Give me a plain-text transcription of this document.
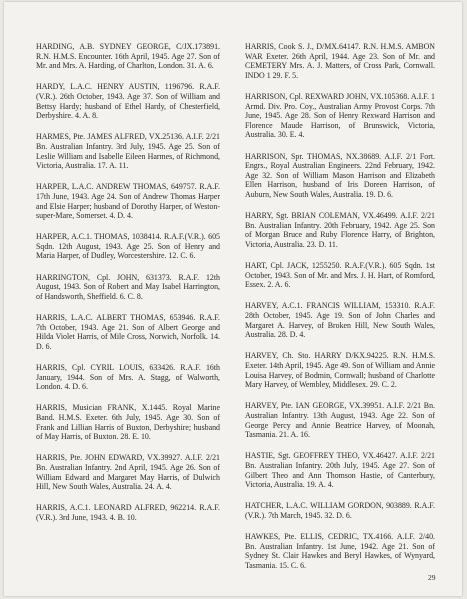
HARDING, A.B. SYDNEY GEORGE, C/JX.173891. R.N. H.M.S. Encounter. 16th April, 1945. Age 27. Son of Mr. and Mrs. A. Harding, of Charlton, London. 31. A. 6.

HARDY, L.A.C. HENRY AUSTIN, 1196796. R.A.F.(V.R.). 26th October, 1943. Age 37. Son of William and Bettsy Hardy; husband of Ethel Hardy, of Chesterfield, Derbyshire. 4. A. 8.

HARMES, Pte. JAMES ALFRED, VX.25136. A.I.F. 2/21 Bn. Australian Infantry. 3rd July, 1945. Age 25. Son of Leslie William and Isabelle Eileen Harmes, of Richmond, Victoria, Australia. 17. A. 11.

HARPER, L.A.C. ANDREW THOMAS, 649757. R.A.F. 17th June, 1943. Age 24. Son of Andrew Thomas Harper and Elsie Harper; husband of Dorothy Harper, of Weston-super-Mare, Somerset. 4. D. 4.

HARPER, A.C.1. THOMAS, 1038414. R.A.F.(V.R.). 605 Sqdn. 12th August, 1943. Age 25. Son of Henry and Maria Harper, of Dudley, Worcestershire. 12. C. 6.

HARRINGTON, Cpl. JOHN, 631373. R.A.F. 12th August, 1943. Son of Robert and May Isabel Harrington, of Handsworth, Sheffield. 6. C. 8.

HARRIS, L.A.C. ALBERT THOMAS, 653946. R.A.F. 7th October, 1943. Age 21. Son of Albert George and Hilda Violet Harris, of Mile Cross, Norwich, Norfolk. 14. D. 6.

HARRIS, Cpl. CYRIL LOUIS, 633426. R.A.F. 16th January, 1944. Son of Mrs. A. Stagg, of Walworth, London. 4. D. 6.

HARRIS, Musician FRANK, X.1445. Royal Marine Band. H.M.S. Exeter. 6th July, 1945. Age 30. Son of Frank and Lillian Harris of Buxton, Derbyshire; husband of May Harris, of Buxton. 28. E. 10.

HARRIS, Pte. JOHN EDWARD, VX.39927. A.I.F. 2/21 Bn. Australian Infantry. 2nd April, 1945. Age 26. Son of William Edward and Margaret May Harris, of Dulwich Hill, New South Wales, Australia. 24. A. 4.

HARRIS, A.C.1. LEONARD ALFRED, 962214. R.A.F.(V.R.). 3rd June, 1943. 4. B. 10.

HARRIS, Cook S. J., D/MX.64147. R.N. H.M.S. AMBON WAR Exeter. 26th April, 1944. Age 23. Son of Mr. and CEMETERY Mrs. A. J. Matters, of Cross Park, Cornwall. INDO 1 29. F. 5.

HARRISON, Cpl. REXWARD JOHN, VX.105368. A.I.F. 1 Armd. Div. Pro. Coy., Australian Army Provost Corps. 7th June, 1945. Age 28. Son of Henry Rexward Harrison and Florence Maude Harrison, of Brunswick, Victoria, Australia. 30. E. 4.

HARRISON, Spr. THOMAS, NX.38689. A.I.F. 2/1 Fort. Engrs., Royal Australian Engineers. 22nd February, 1942. Age 32. Son of William Mason Harrison and Elizabeth Ellen Harrison, husband of Iris Doreen Harrison, of Auburn, New South Wales, Australia. 19. D. 6.

HARRY, Sgt. BRIAN COLEMAN, VX.46499. A.I.F. 2/21 Bn. Australian Infantry. 20th February, 1942. Age 25. Son of Morgan Bruce and Ruby Florence Harry, of Brighton, Victoria, Australia. 23. D. 11.

HART, Cpl. JACK, 1255250. R.A.F.(V.R.). 605 Sqdn. 1st October, 1943. Son of Mr. and Mrs. J. H. Hart, of Romford, Essex. 2. A. 6.

HARVEY, A.C.1. FRANCIS WILLIAM, 153310. R.A.F. 28th October, 1945. Age 19. Son of John Charles and Margaret A. Harvey, of Broken Hill, New South Wales, Australia. 28. D. 4.

HARVEY, Ch. Sto. HARRY D/KX.94225. R.N. H.M.S. Exeter. 14th April, 1945. Age 49. Son of William and Annie Louisa Harvey, of Bodmin, Cornwall; husband of Charlotte Mary Harvey, of Wembley, Middlesex. 29. C. 2.

HARVEY, Pte. IAN GEORGE, VX.39951. A.I.F. 2/21 Bn. Australian Infantry. 13th August, 1943. Age 22. Son of George Percy and Annie Beatrice Harvey, of Moonah, Tasmania. 21. A. 16.

HASTIE, Sgt. GEOFFREY THEO, VX.46427. A.I.F. 2/21 Bn. Australian Infantry. 20th July, 1945. Age 27. Son of Gilbert Theo and Ann Thomson Hastie, of Canterbury, Victoria, Australia. 19. A. 4.

HATCHER, L.A.C. WILLIAM GORDON, 903889. R.A.F.(V.R.). 7th March, 1945. 32. D. 6.

HAWKES, Pte. ELLIS, CEDRIC, TX.4166. A.I.F. 2/40. Bn. Australian Infantry. 1st June, 1942. Age 21. Son of Sydney St. Clair Hawkes and Beryl Hawkes, of Wynyard, Tasmania. 15. C. 6.

29
